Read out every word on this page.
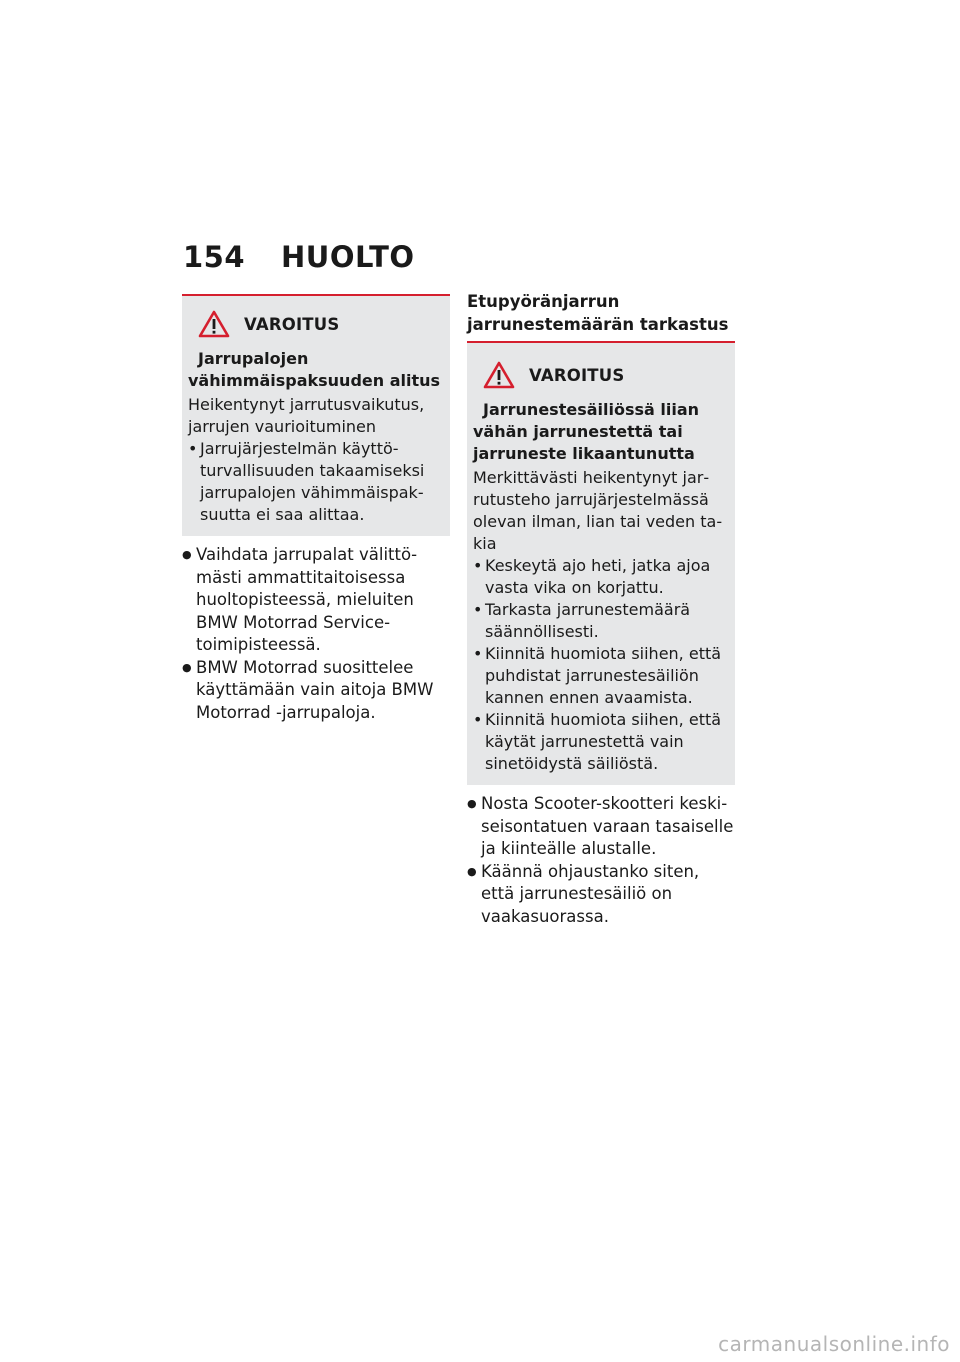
154 HUOLTO
VAROITUS
Jarrupalojen vähimmäispaksuuden alitus
Heikentynyt jarrutusvaikutus, jarrujen vaurioituminen
• Jarrujärjestelmän käyttöturvallisuuden takaamiseksi jarrupalojen vähimmäispaksuutta ei saa alittaa.
● Vaihdata jarrupalat välittömästi ammattitaitoisessa huoltopisteessä, mieluiten BMW Motorrad Service-toimipisteessä.
● BMW Motorrad suosittelee käyttämään vain aitoja BMW Motorrad -jarrupaloja.
Etupyöränjarrun jarrunestemäärän tarkastus
VAROITUS
Jarrunestesäiliössä liian vähän jarrunestettä tai jarruneste likaantunutta
Merkittävästi heikentynyt jarrutusteho jarrujärjestelmässä olevan ilman, lian tai veden takia
• Keskeytä ajo heti, jatka ajoa vasta vika on korjattu.
• Tarkasta jarrunestemäärä säännöllisesti.
• Kiinnitä huomiota siihen, että puhdistat jarrunestesäiliön kannen ennen avaamista.
• Kiinnitä huomiota siihen, että käytät jarrunestettä vain sinetöidystä säiliöstä.
● Nosta Scooter-skootteri keskiseisontatuen varaan tasaiselle ja kiinteälle alustalle.
● Käännä ohjaustanko siten, että jarrunestesäiliö on vaakasuorassa.
carmanualsonline.info
